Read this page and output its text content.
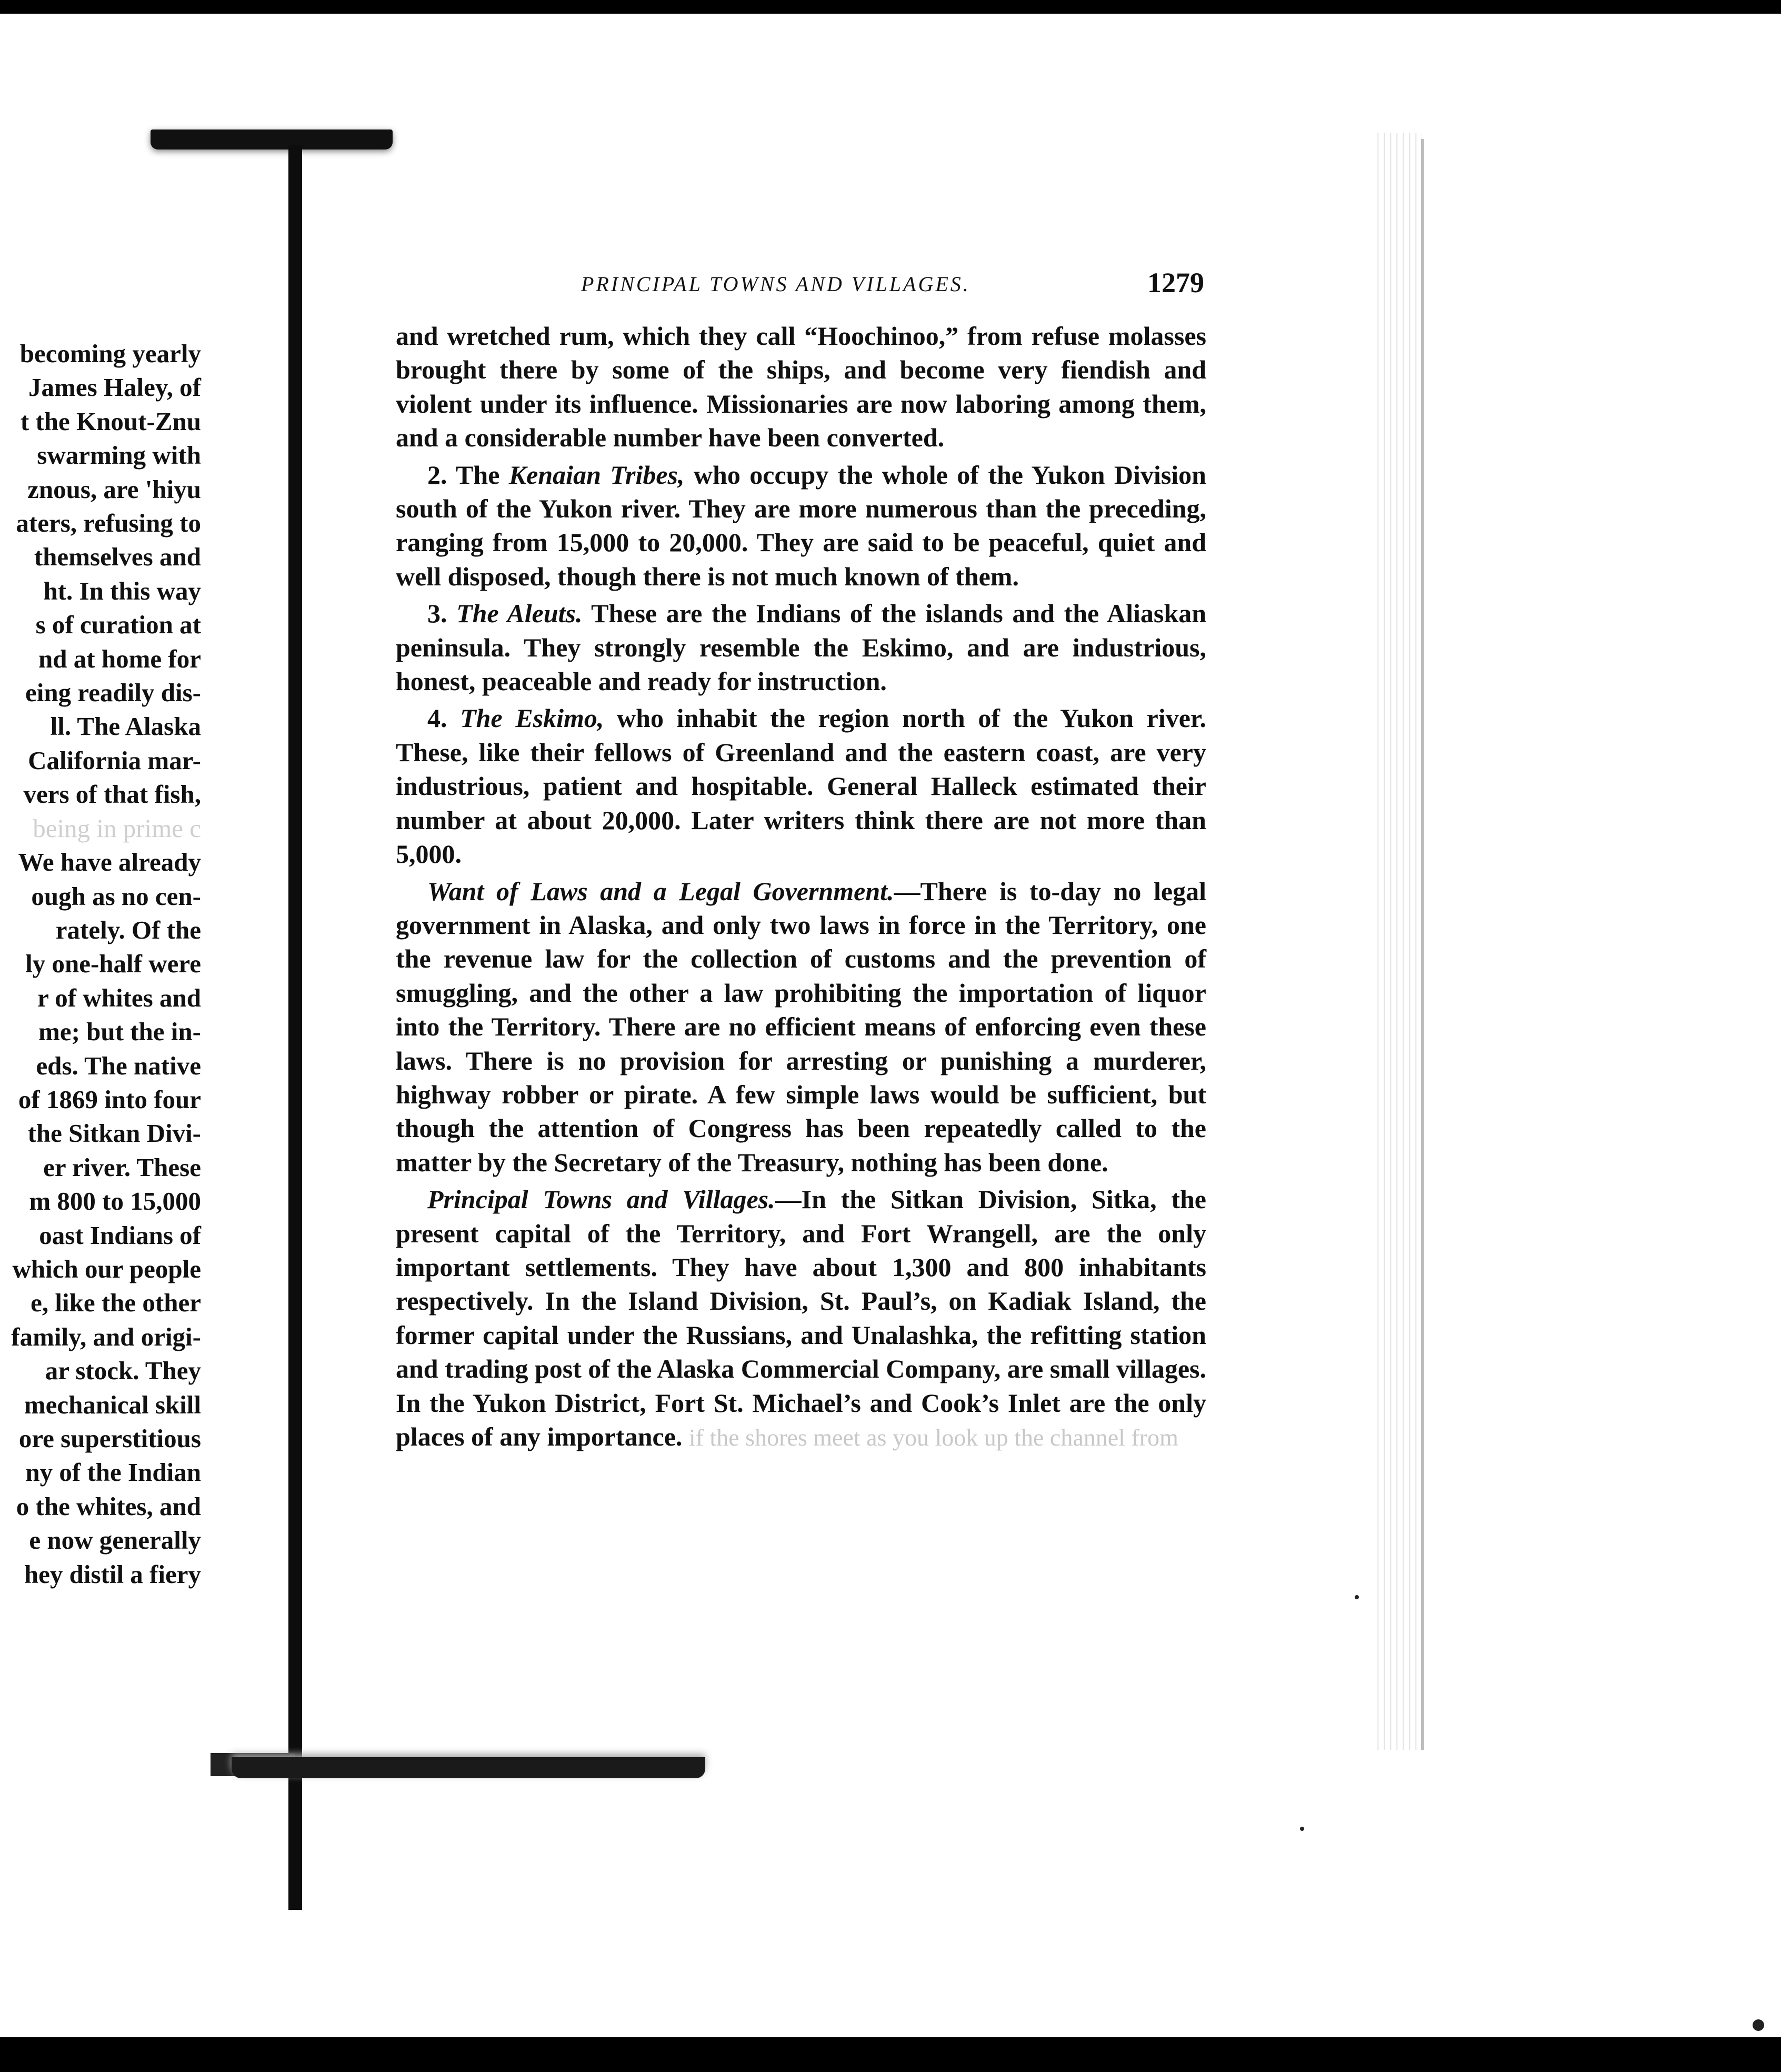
becoming yearly
James Haley, of
t the Knout-Znu
swarming with
znous, are 'hiyu
aters, refusing to
themselves and
ht. In this way
s of curation at
nd at home for
eing readily dis-
ll. The Alaska
California mar-
vers of that fish,
being in prime c
We have already
ough as no cen-
rately. Of the
ly one-half were
r of whites and
me; but the in-
eds. The native
of 1869 into four
the Sitkan Divi-
er river. These
m 800 to 15,000
oast Indians of
which our people
e, like the other
family, and origi-
ar stock. They
mechanical skill
ore superstitious
ny of the Indian
o the whites, and
e now generally
hey distil a fiery
PRINCIPAL TOWNS AND VILLAGES.	1279

and wretched rum, which they call “Hoochinoo,” from refuse molasses brought there by some of the ships, and become very fiendish and violent under its influence. Missionaries are now laboring among them, and a considerable number have been converted.

2. The Kenaian Tribes, who occupy the whole of the Yukon Division south of the Yukon river. They are more numerous than the preceding, ranging from 15,000 to 20,000. They are said to be peaceful, quiet and well disposed, though there is not much known of them.

3. The Aleuts. These are the Indians of the islands and the Aliaskan peninsula. They strongly resemble the Eskimo, and are industrious, honest, peaceable and ready for instruction.

4. The Eskimo, who inhabit the region north of the Yukon river. These, like their fellows of Greenland and the eastern coast, are very industrious, patient and hospitable. General Halleck estimated their number at about 20,000. Later writers think there are not more than 5,000.

Want of Laws and a Legal Government.—There is to-day no legal government in Alaska, and only two laws in force in the Territory, one the revenue law for the collection of customs and the prevention of smuggling, and the other a law prohibiting the importation of liquor into the Territory. There are no efficient means of enforcing even these laws. There is no provision for arresting or punishing a murderer, highway robber or pirate. A few simple laws would be sufficient, but though the attention of Congress has been repeatedly called to the matter by the Secretary of the Treasury, nothing has been done.

Principal Towns and Villages.—In the Sitkan Division, Sitka, the present capital of the Territory, and Fort Wrangell, are the only important settlements. They have about 1,300 and 800 inhabitants respectively. In the Island Division, St. Paul’s, on Kadiak Island, the former capital under the Russians, and Unalashka, the refitting station and trading post of the Alaska Commercial Company, are small villages. In the Yukon District, Fort St. Michael’s and Cook’s Inlet are the only places of any importance. if the shores meet as you look up the channel from
